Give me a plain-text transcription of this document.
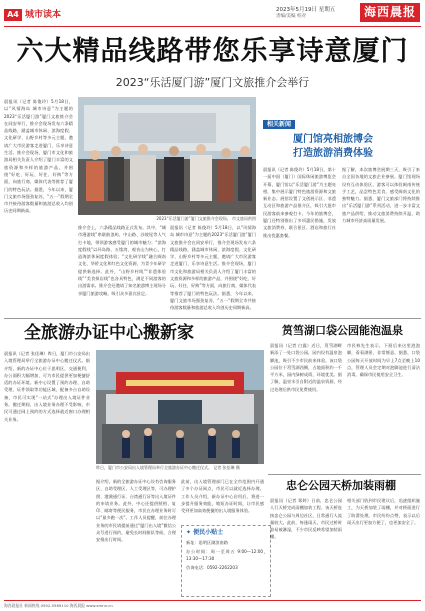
A4 城市读本	2023年5月19日 星期五
责编/美编 校对	海西晨报
六大精品线路带您乐享诗意厦门
2023“乐活厦门游”厦门文旅推介会举行
晨报讯（记者 陈俊玲）5月18日，以“风情海岛 城市诗意”为主题的2023“乐活厦门游”厦门文旅推介会在同安举行，推介会现场发布六条精品线路，涵盖城市休闲、滨海度假、文化研学、山野乡村等多元主题，邀请广大市民游客走进厦门、乐享诗意生活。推介会现场，厦门市文化和旅游局相关负责人介绍了厦门丰富的文旅资源和多样的旅游产品，并围绕“好吃、好玩、好住、好购”等方面，向旅行商、媒体代表等推荐了厦门的特色玩法。据悉，今年以来，厦门文旅市场强劲复苏，“五一”假期全市共接待游客数量和旅游总收入均创历史同期新高。
2023“乐活厦门游”厦门文旅推介会现场。 市文旅局供图
推介会上，六条精品线路正式发布。其中，“城市漫游线”串联鼓浪屿、中山路、沙坡尾等人气打卡地，带领游客感受厦门的城市魅力；“滨海度假线”以环岛路、五缘湾、观音山为核心，打造海滨休闲度假体验；“文化研学线”融合闽南文化、华侨文化和红色文化资源，为青少年研学提供新选择。此外，“山野乡村线”“非遗体验线”“美食探店线”也各具特色，满足不同游客的出游需求。推介会还邀请了知名旅游博主现场分享厦门旅游攻略，吸引众多嘉宾驻足。
晨报讯（记者 陈俊玲）5月18日，以“风情海岛 城市诗意”为主题的2023“乐活厦门游”厦门文旅推介会在同安举行，推介会现场发布六条精品线路，涵盖城市休闲、滨海度假、文化研学、山野乡村等多元主题，邀请广大市民游客走进厦门、乐享诗意生活。推介会现场，厦门市文化和旅游局相关负责人介绍了厦门丰富的文旅资源和多样的旅游产品，并围绕“好吃、好玩、好住、好购”等方面，向旅行商、媒体代表等推荐了厦门的特色玩法。据悉，今年以来，厦门文旅市场强劲复苏，“五一”假期全市共接待游客数量和旅游总收入均创历史同期新高。
相关新闻
厦门馆亮相旅博会
打造旅游消费体验
晨报讯（记者 陈俊玲）5月18日，第十一届中国（厦门）国际休闲旅游博览会开幕，厦门馆以“乐活厦门游”为主题亮相，集中展示厦门特色旅游资源和文旅新业态。展馆设置了文创展示区、非遗互动区和旅游产品推介区，吸引大批市民游客前来参观打卡。今年的旅博会，厦门还特别推出了多项惠民措施，发放文旅消费券，联合景区、酒店和旅行社推出优惠套餐。
据了解，本次旅博会展期三天，吸引了来自全国各地的文旅企业参展。厦门馆现场设有互动体验区，游客可以体验闽南传统手工艺，品尝特色美食，感受闽南文化的独特魅力。据悉，厦门文旅部门将持续推出“乐活厦门游”系列活动，进一步丰富文旅产品供给，推动文旅消费持续升温，助力城市经济高质量发展。
全旅游办证中心搬新家
晨报讯（记者 张佳琳）昨日，厦门市公安局出入境管理局举行全旅游办证中心搬迁仪式。据介绍，新的办证中心位于思明区，交通便利，办公面积大幅增加，可为市民提供更加便捷舒适的办证环境。新中心设置了预约办理、自助受理、证件领取等功能区域，配备多台自助设备，市民可实现“一站式”办理出入境证件业务。搬迁期间，出入境业务办理不受影响，市民可通过网上预约的方式选择就近窗口办理相关业务。
昨日，厦门市公安局出入境管理局举行全旅游办证中心搬迁仪式。 记者 张佳琳 摄
据介绍，新的全旅游办证中心设有咨询服务区、自助受理区、人工受理区等，可办理护照、港澳通行证、台湾通行证等出入境证件的申请业务。此外，中心还提供照相、复印、邮寄等便民服务，市民在办理业务时可以“最多跑一次”。工作人员提醒，前往办理业务的市民请提前通过“厦门出入境”微信公众号进行预约，避免长时间排队等候，合理安排出行时间。
此前，出入境管理部门已在全市范围内开通了多个办证网点，市民可以就近选择办理。工作人员介绍，新办证中心启用后，将进一步提升服务效能，缩短办证时间，让市民感受到更加高效便捷的出入境服务体验。
✦ 便民小贴士
新址：思明区湖滨南路
办公时间：周一至周五 9:00—12:00，13:30—17:30
咨询电话：0592-2262203
筼筜湖口袋公园能泡温泉
晨报讯（记者 白露）近日，筼筜湖畔新添了一处口袋公园，园内设有温泉泡脚池，吸引不少市民前来体验。该口袋公园位于筼筜湖西侧，占地面积约一千平方米，园内绿树成荫，环境优美。据了解，温泉水引自附近的温泉资源，经过处理后供市民免费使用。
市民林先生表示，下班后来这里泡泡脚，看看湖景，非常惬意。据悉，口袋公园每天开放时间为早上7点至晚上10点，管理人员会定期对泡脚池进行清洁消毒，确保市民使用安全卫生。
忠仑公园天桥加装雨棚
晨报讯（记者 郑婷）日前，忠仑公园人行天桥完成雨棚加装工程。该天桥连接忠仑公园与周边社区，日常通行人流量较大。此前，每逢雨天，市民过桥时容易被淋湿，不少市民反映希望加装雨棚。
相关部门收到市民建议后，迅速组织施工，为天桥加装了雨棚，并对桥面进行了防滑处理。市民纷纷点赞，表示以后雨天出行更加方便了，也更加安全了。
海西晨报社 新闻热线 0592-5589110 海西晨报 www.xmnn.cn
